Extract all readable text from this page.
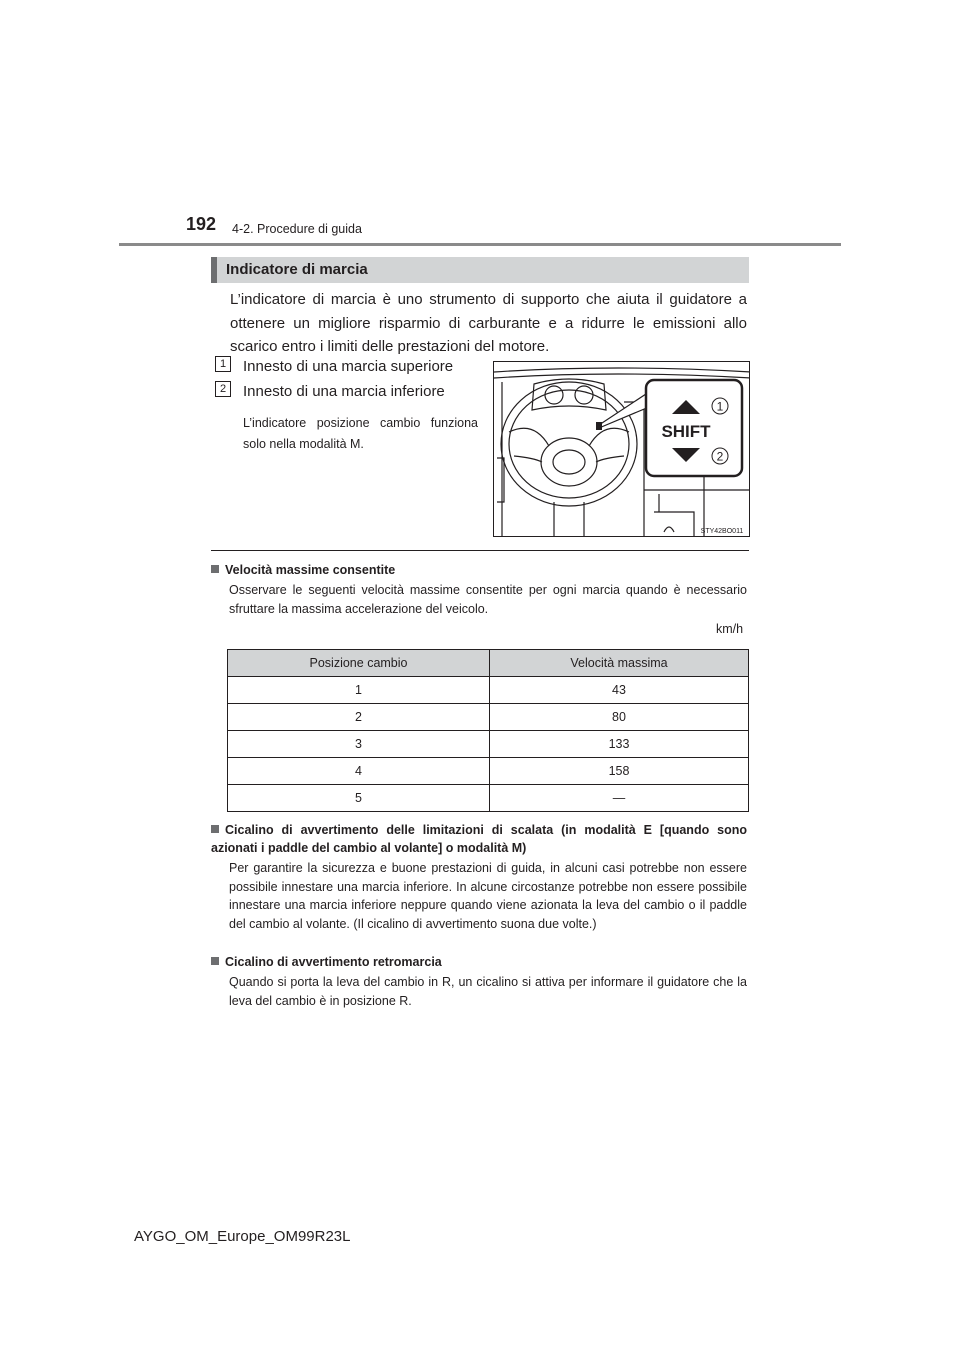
192 4-2. Procedure di guida
Indicatore di marcia
L’indicatore di marcia è uno strumento di supporto che aiuta il guidatore a ottenere un migliore risparmio di carburante e a ridurre le emissioni allo scarico entro i limiti delle prestazioni del motore.
1	Innesto di una marcia superiore
2	Innesto di una marcia inferiore
L’indicatore posizione cambio funziona solo nella modalità M.
SHIFT
1
2
STY42BO011
Velocità massime consentite
Osservare le seguenti velocità massime consentite per ogni marcia quando è necessario sfruttare la massima accelerazione del veicolo.
km/h
Posizione cambio	Velocità massima
1	43
2	80
3	133
4	158
5	—
Cicalino di avvertimento delle limitazioni di scalata (in modalità E [quando sono azionati i paddle del cambio al volante] o modalità M)
Per garantire la sicurezza e buone prestazioni di guida, in alcuni casi potrebbe non essere possibile innestare una marcia inferiore. In alcune circostanze potrebbe non essere possibile innestare una marcia inferiore neppure quando viene azionata la leva del cambio o il paddle del cambio al volante. (Il cicalino di avvertimento suona due volte.)
Cicalino di avvertimento retromarcia
Quando si porta la leva del cambio in R, un cicalino si attiva per informare il guidatore che la leva del cambio è in posizione R.
AYGO_OM_Europe_OM99R23L
